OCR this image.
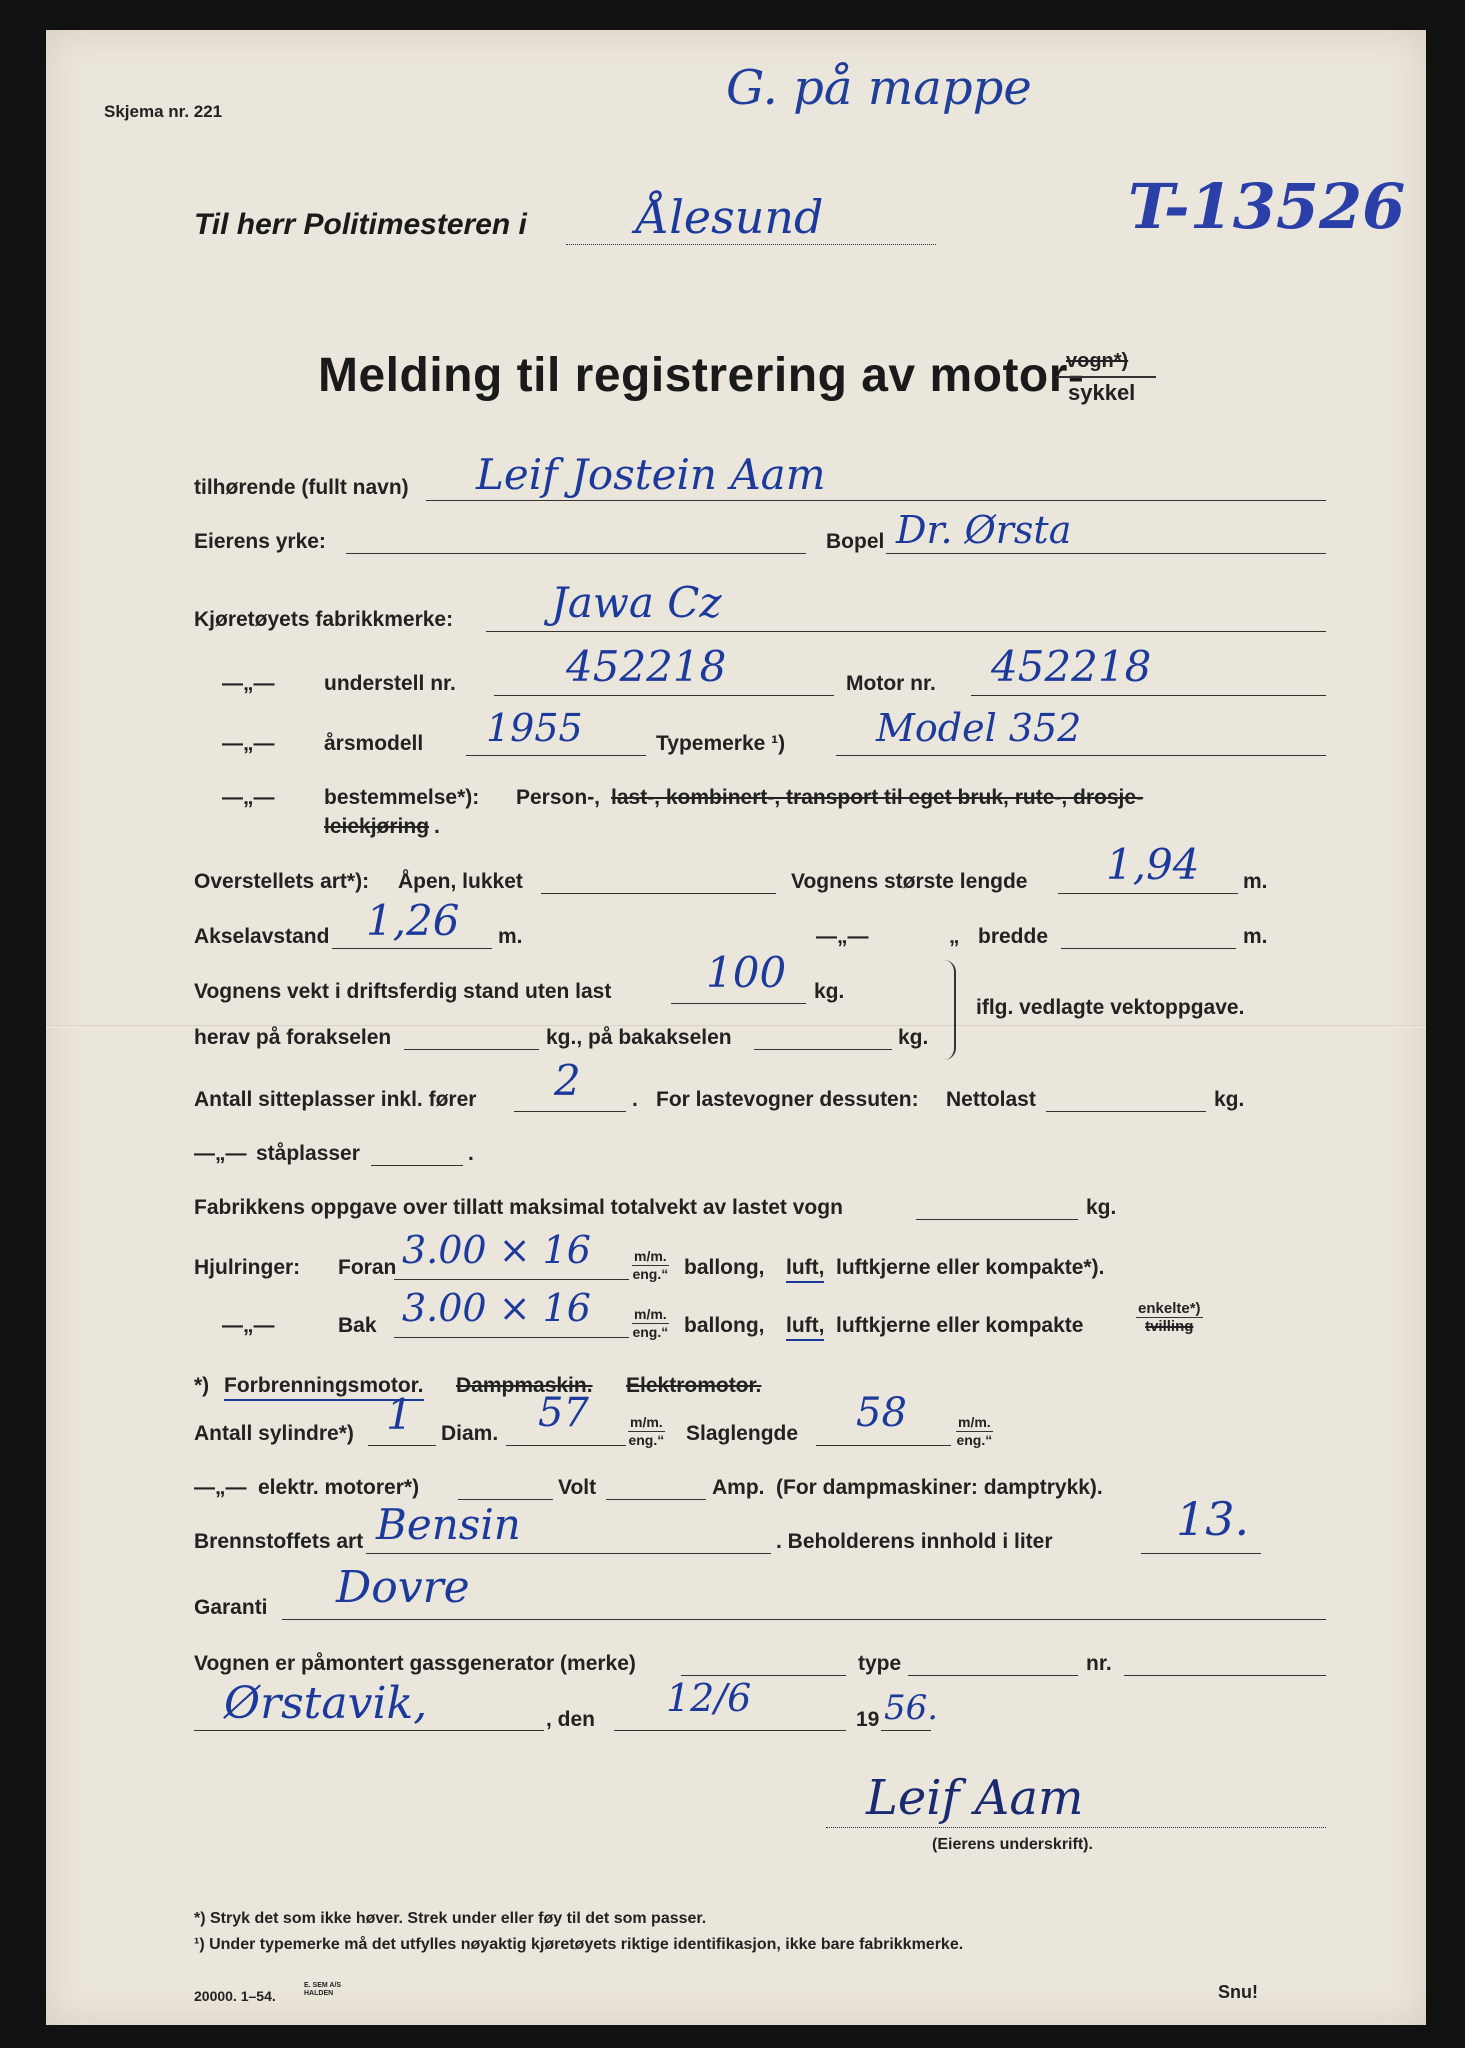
Skjema nr. 221	G. på mappe
T-13526
Til herr Politimesteren i Ålesund
Melding til registrering av motor-
vogn*)
sykkel
tilhørende (fullt navn) Leif Jostein Aam
Eierens yrke:	Bopel Dr. Ørsta
Kjøretøyets fabrikkmerke: Jawa Cz
—„— understell nr.	452218	Motor nr. 452218
—„— årsmodell 1955	Typemerke ¹) Model 352
—„— bestemmelse*): Person-, last-, kombinert-, transport til eget bruk, rute-, drosje-
leiekjøring .
Overstellets art*): Åpen, lukket	Vognens største lengde 1,94 m.
Akselavstand 1,26 m.	—„—	„ bredde	m.
Vognens vekt i driftsferdig stand uten last 100 kg.
iflg. vedlagte vektoppgave.
herav på forakselen	kg., på bakakselen	kg.
Antall sitteplasser inkl. fører 2 . For lastevogner dessuten: Nettolast	kg.
—„— ståplasser	.
Fabrikkens oppgave over tillatt maksimal totalvekt av lastet vogn	kg.
Hjulringer: Foran 3.00 × 16	m/m.
eng.“ ballong, luft, luftkjerne eller kompakte*).
—„—	Bak 3.00 × 16	m/m.
eng.“ ballong, luft, luftkjerne eller kompakte
enkelte*)
tvilling
*) Forbrenningsmotor. Dampmaskin. Elektromotor.
Antall sylindre*) 1 Diam. 57	m/m.
eng.“ Slaglengde 58	m/m.
eng.“
—„— elektr. motorer*)	Volt	Amp. (For dampmaskiner: damptrykk).
Brennstoffets art Bensin	. Beholderens innhold i liter	13.
Garanti Dovre
Vognen er påmontert gassgenerator (merke)	type	nr.
Ørstavik,	, den 12/6	19 56.
Leif Aam
(Eierens underskrift).
*) Stryk det som ikke høver. Strek under eller føy til det som passer.
¹) Under typemerke må det utfylles nøyaktig kjøretøyets riktige identifikasjon, ikke bare fabrikkmerke.
20000. 1–54.
E. SEM A/S
HALDEN	Snu!
